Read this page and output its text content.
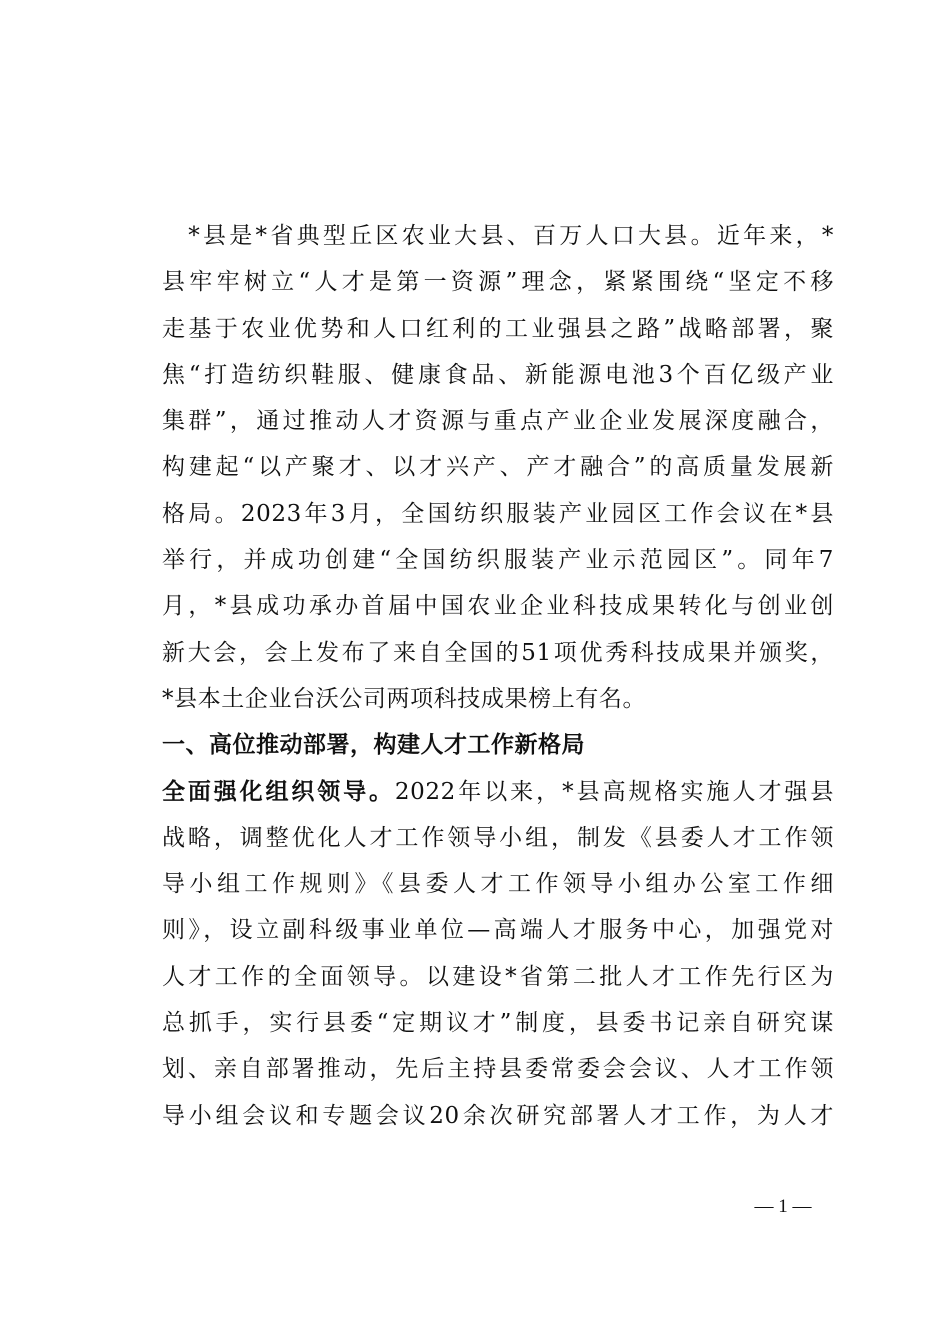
　*县是*省典型丘区农业大县、百万人口大县。近年来，*
县牢牢树立“人才是第一资源”理念，紧紧围绕“坚定不移
走基于农业优势和人口红利的工业强县之路”战略部署，聚
焦“打造纺织鞋服、健康食品、新能源电池3个百亿级产业
集群”，通过推动人才资源与重点产业企业发展深度融合，
构建起“以产聚才、以才兴产、产才融合”的高质量发展新
格局。2023年3月，全国纺织服装产业园区工作会议在*县
举行，并成功创建“全国纺织服装产业示范园区”。同年7
月，*县成功承办首届中国农业企业科技成果转化与创业创
新大会，会上发布了来自全国的51项优秀科技成果并颁奖，
*县本土企业台沃公司两项科技成果榜上有名。
一、高位推动部署，构建人才工作新格局
全面强化组织领导。2022年以来，*县高规格实施人才强县
战略，调整优化人才工作领导小组，制发《县委人才工作领
导小组工作规则》《县委人才工作领导小组办公室工作细
则》，设立副科级事业单位—高端人才服务中心，加强党对
人才工作的全面领导。以建设*省第二批人才工作先行区为
总抓手，实行县委“定期议才”制度，县委书记亲自研究谋
划、亲自部署推动，先后主持县委常委会会议、人才工作领
导小组会议和专题会议20余次研究部署人才工作，为人才
— 1 —
